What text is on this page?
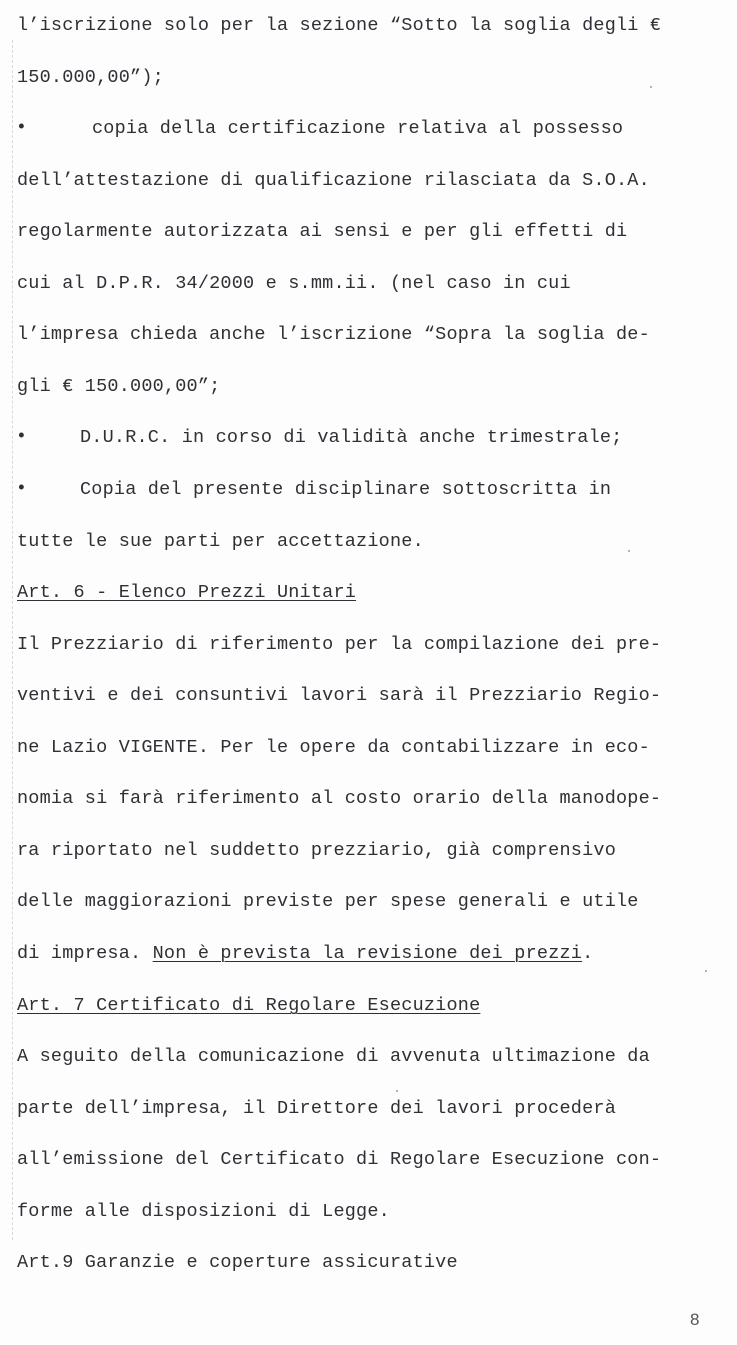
l’iscrizione solo per la sezione “Sotto la soglia degli €
150.000,00”);
•	copia della certificazione relativa al possesso
dell’attestazione di qualificazione rilasciata da S.O.A.
regolarmente autorizzata ai sensi e per gli effetti di
cui al D.P.R. 34/2000 e s.mm.ii. (nel caso in cui
l’impresa chieda anche l’iscrizione “Sopra la soglia de-
gli € 150.000,00”;
•	D.U.R.C. in corso di validità anche trimestrale;
•	Copia del presente disciplinare sottoscritta in
tutte le sue parti per accettazione.
Art. 6 - Elenco Prezzi Unitari
Il Prezziario di riferimento per la compilazione dei pre-
ventivi e dei consuntivi lavori sarà il Prezziario Regio-
ne Lazio VIGENTE. Per le opere da contabilizzare in eco-
nomia si farà riferimento al costo orario della manodope-
ra riportato nel suddetto prezziario, già comprensivo
delle maggiorazioni previste per spese generali e utile
di impresa. Non è prevista la revisione dei prezzi.
Art. 7 Certificato di Regolare Esecuzione
A seguito della comunicazione di avvenuta ultimazione da
parte dell’impresa, il Direttore dei lavori procederà
all’emissione del Certificato di Regolare Esecuzione con-
forme alle disposizioni di Legge.
Art.9 Garanzie e coperture assicurative
8
